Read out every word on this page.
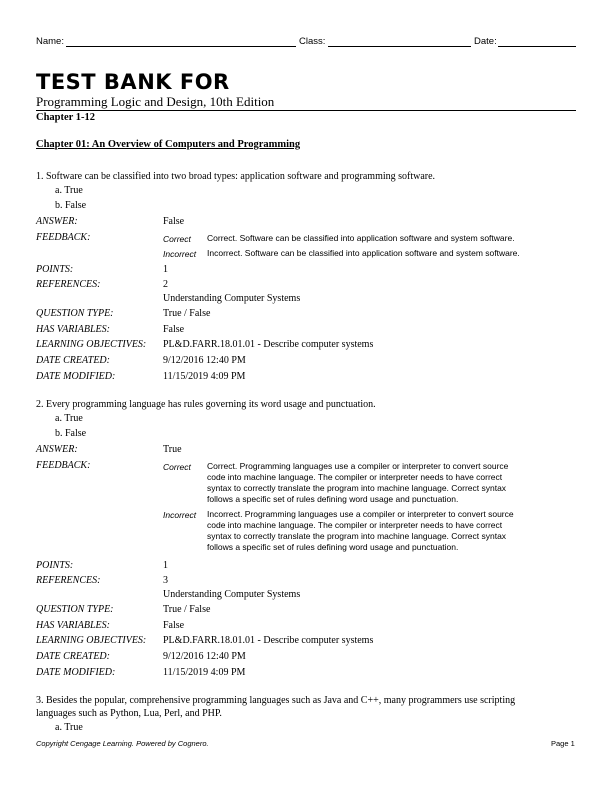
Name:	Class:	Date:
TEST BANK FOR
Programming Logic and Design, 10th Edition
Chapter 1-12
Chapter 01: An Overview of Computers and Programming
1. Software can be classified into two broad types: application software and programming software.
a. True
b. False
ANSWER:	False
FEEDBACK:	Correct Correct. Software can be classified into application software and system software.
Incorrect Incorrect. Software can be classified into application software and system software.
POINTS:	1
REFERENCES:	2
Understanding Computer Systems
QUESTION TYPE:	True / False
HAS VARIABLES:	False
LEARNING OBJECTIVES: PL&D.FARR.18.01.01 - Describe computer systems
DATE CREATED:	9/12/2016 12:40 PM
DATE MODIFIED:	11/15/2019 4:09 PM
2. Every programming language has rules governing its word usage and punctuation.
a. True
b. False
ANSWER:	True
FEEDBACK:	Correct Correct. Programming languages use a compiler or interpreter to convert source
code into machine language. The compiler or interpreter needs to have correct
syntax to correctly translate the program into machine language. Correct syntax
follows a specific set of rules defining word usage and punctuation.
Incorrect Incorrect. Programming languages use a compiler or interpreter to convert source
code into machine language. The compiler or interpreter needs to have correct
syntax to correctly translate the program into machine language. Correct syntax
follows a specific set of rules defining word usage and punctuation.
POINTS:	1
REFERENCES:	3
Understanding Computer Systems
QUESTION TYPE:	True / False
HAS VARIABLES:	False
LEARNING OBJECTIVES: PL&D.FARR.18.01.01 - Describe computer systems
DATE CREATED:	9/12/2016 12:40 PM
DATE MODIFIED:	11/15/2019 4:09 PM
3. Besides the popular, comprehensive programming languages such as Java and C++, many programmers use scripting
languages such as Python, Lua, Perl, and PHP.
a. True
Copyright Cengage Learning. Powered by Cognero.	Page 1
